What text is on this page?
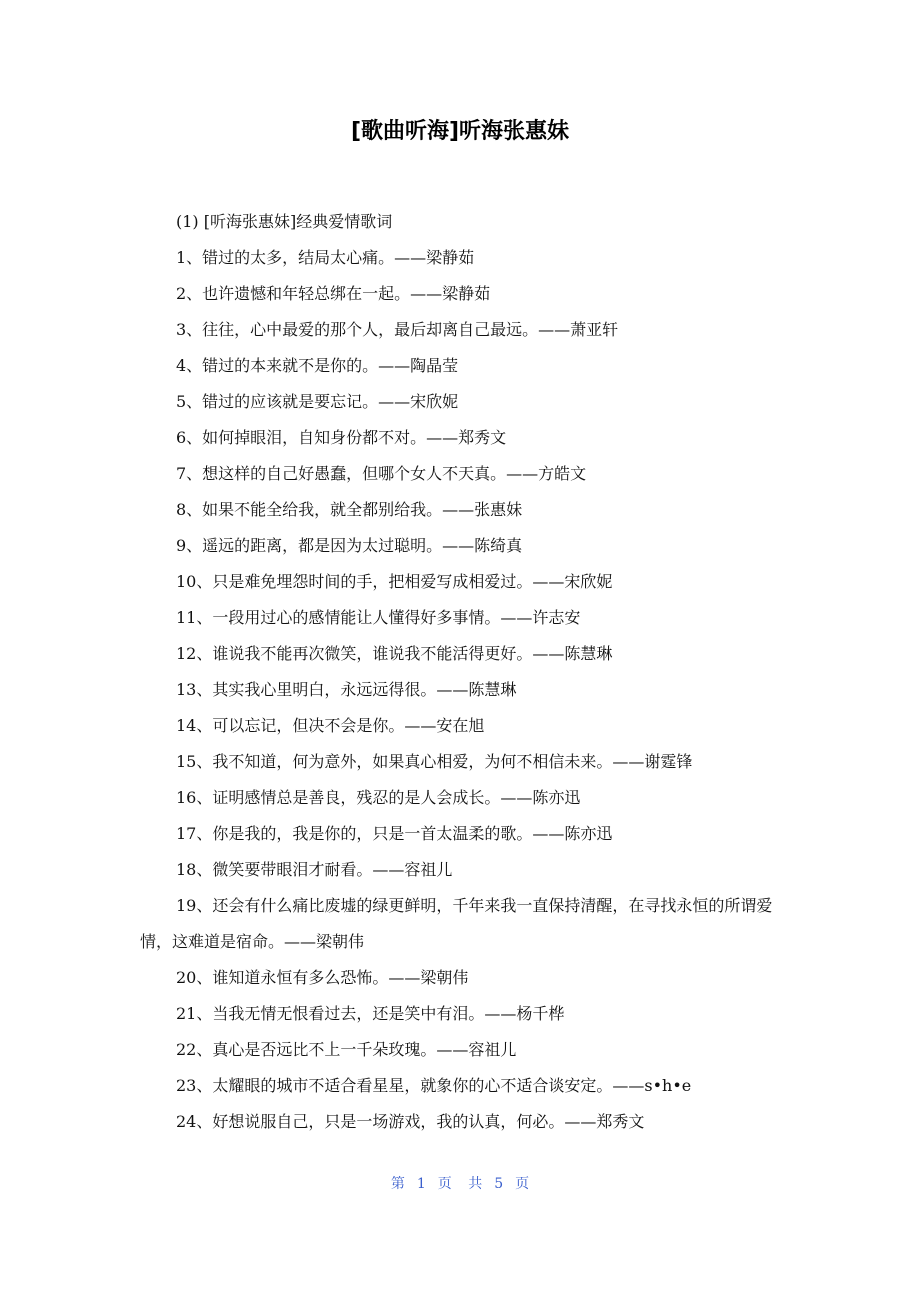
[歌曲听海]听海张惠妹

(1) [听海张惠妹]经典爱情歌词

1、错过的太多，结局太心痛。——梁静茹

2、也许遗憾和年轻总绑在一起。——梁静茹

3、往往，心中最爱的那个人，最后却离自己最远。——萧亚轩

4、错过的本来就不是你的。——陶晶莹

5、错过的应该就是要忘记。——宋欣妮

6、如何掉眼泪，自知身份都不对。——郑秀文

7、想这样的自己好愚蠢，但哪个女人不天真。——方皓文

8、如果不能全给我，就全都别给我。——张惠妹

9、遥远的距离，都是因为太过聪明。——陈绮真

10、只是难免埋怨时间的手，把相爱写成相爱过。——宋欣妮

11、一段用过心的感情能让人懂得好多事情。——许志安

12、谁说我不能再次微笑，谁说我不能活得更好。——陈慧琳

13、其实我心里明白，永远远得很。——陈慧琳

14、可以忘记，但决不会是你。——安在旭

15、我不知道，何为意外，如果真心相爱，为何不相信未来。——谢霆锋

16、证明感情总是善良，残忍的是人会成长。——陈亦迅

17、你是我的，我是你的，只是一首太温柔的歌。——陈亦迅

18、微笑要带眼泪才耐看。——容祖儿

19、还会有什么痛比废墟的绿更鲜明，千年来我一直保持清醒，在寻找永恒的所谓爱情，这难道是宿命。——梁朝伟

20、谁知道永恒有多么恐怖。——梁朝伟

21、当我无情无恨看过去，还是笑中有泪。——杨千桦

22、真心是否远比不上一千朵玫瑰。——容祖儿

23、太耀眼的城市不适合看星星，就象你的心不适合谈安定。——s•h•e

24、好想说服自己，只是一场游戏，我的认真，何必。——郑秀文

第 1 页 共 5 页
